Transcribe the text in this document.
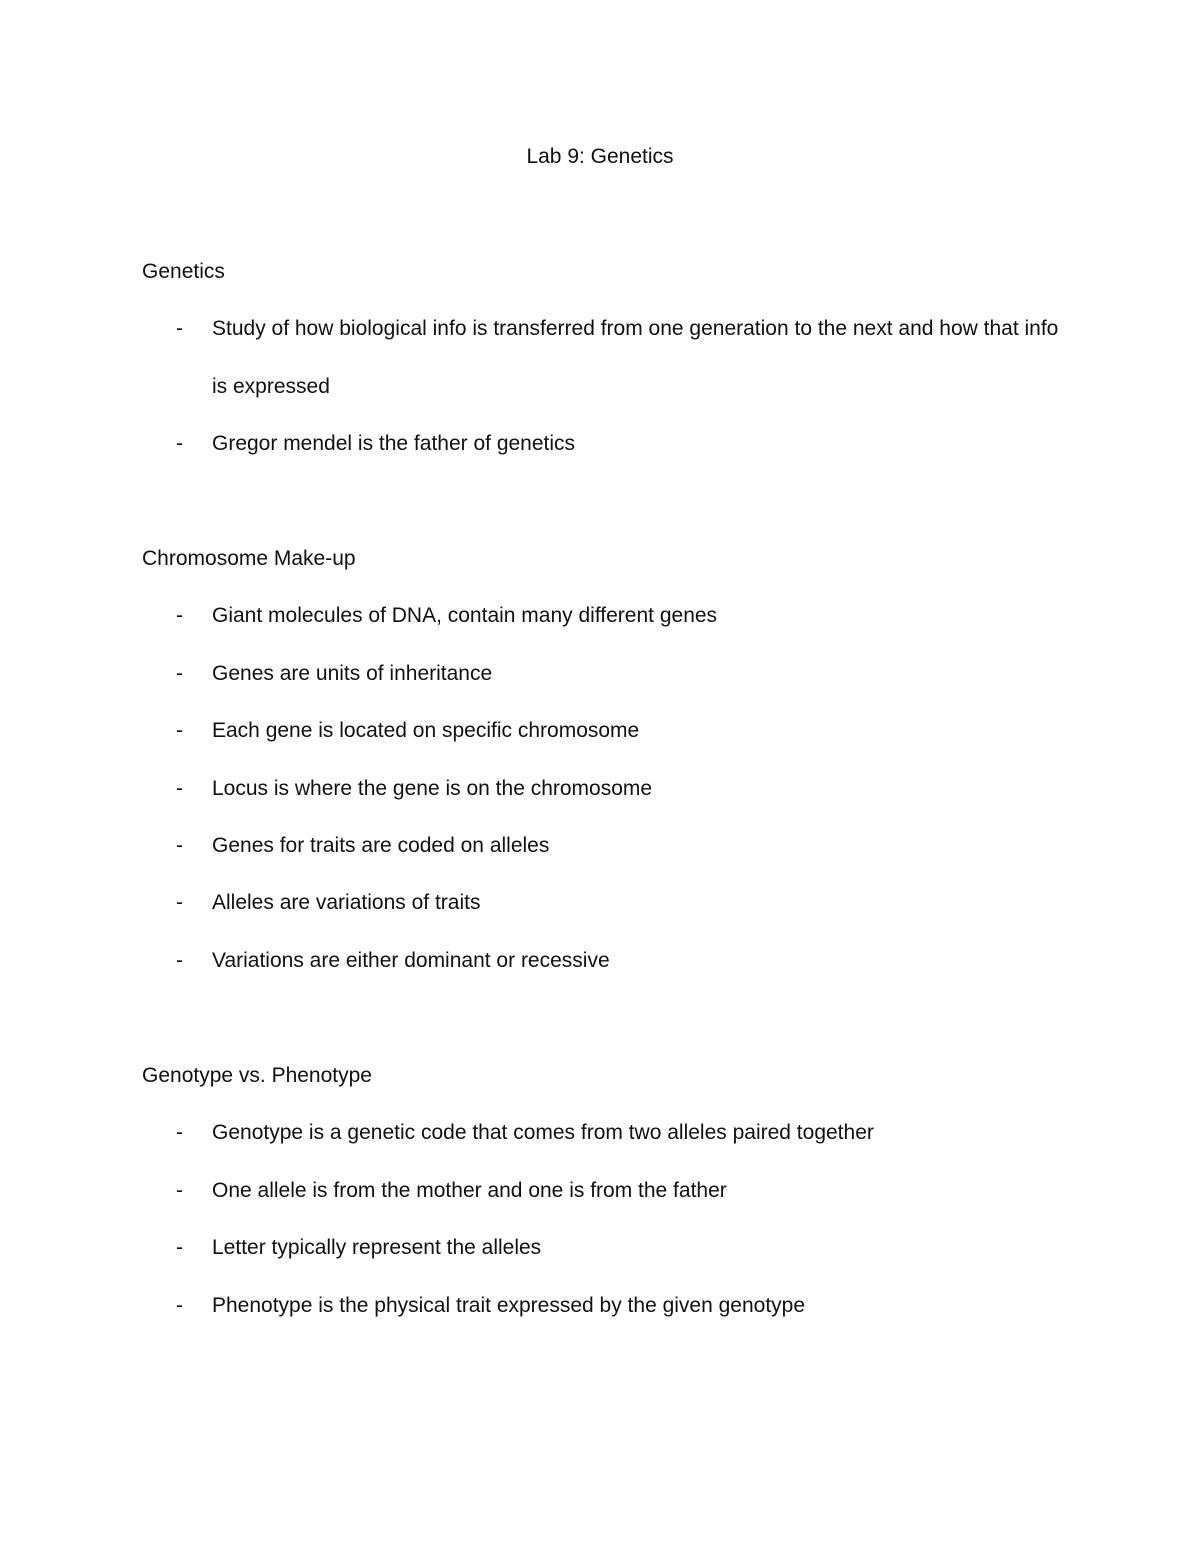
Lab 9: Genetics
Genetics
- Study of how biological info is transferred from one generation to the next and how that info is expressed
- Gregor mendel is the father of genetics
Chromosome Make-up
- Giant molecules of DNA, contain many different genes
- Genes are units of inheritance
- Each gene is located on specific chromosome
- Locus is where the gene is on the chromosome
- Genes for traits are coded on alleles
- Alleles are variations of traits
- Variations are either dominant or recessive
Genotype vs. Phenotype
- Genotype is a genetic code that comes from two alleles paired together
- One allele is from the mother and one is from the father
- Letter typically represent the alleles
- Phenotype is the physical trait expressed by the given genotype
